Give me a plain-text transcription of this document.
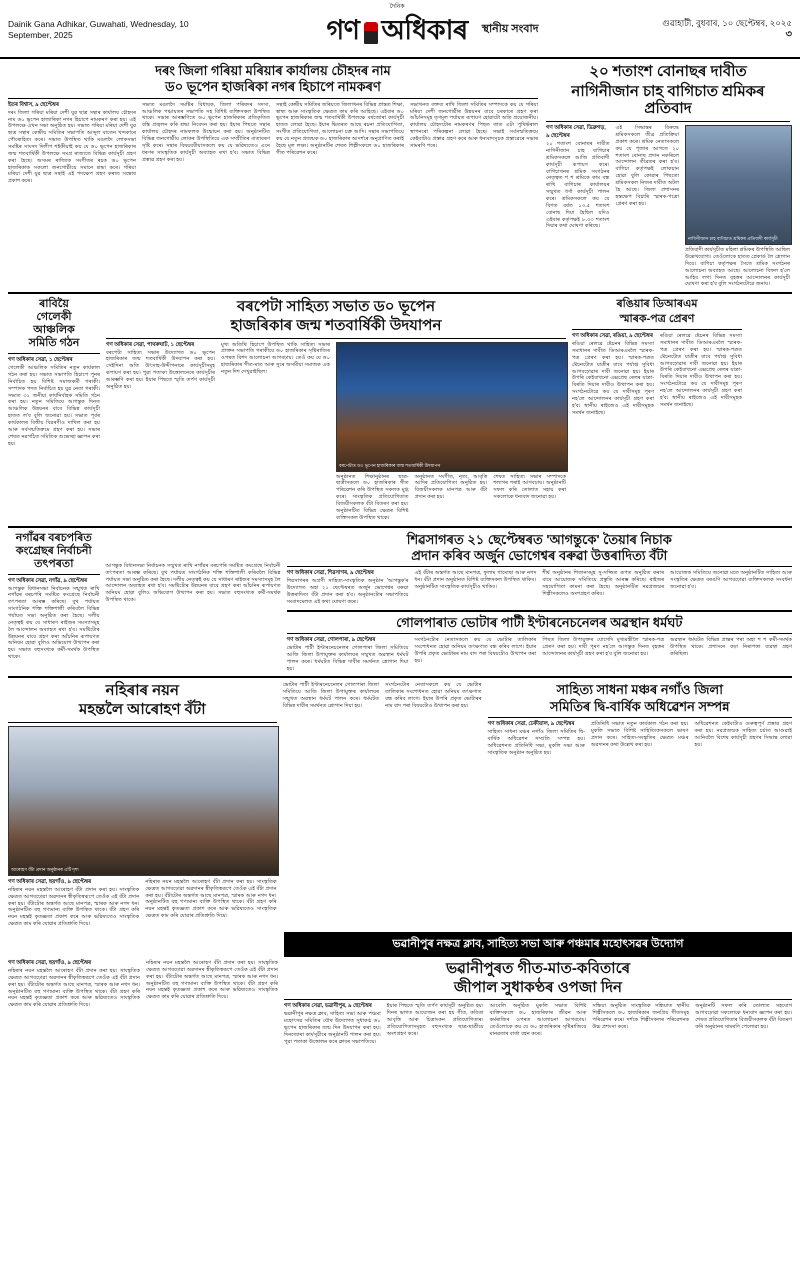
Dainik Gana Adhikar, Guwahati, Wednesday, 10 September, 2025
দৈনিক
গণ অধিকাৰ স্থানীয় সংবাদ
গুৱাহাটী, বুধবাৰ, ১০ ছেপ্টেম্বৰ, ২০২৫
৩
দৰং জিলা গৰিয়া মৰিয়াৰ কাৰ্যালয় চৌহদৰ নাম
ড০ ভূপেন হাজৰিকা নগৰ হিচাপে নামকৰণ
ইতৰ বিশ্বাস, ৯ ছেপ্টেম্বৰ
দৰং জিলা গৰিয়া মৰিয়া দেশী যুৱ ছাত্ৰ সন্থাৰ কাৰ্যালয় চৌহদৰ নাম ড০ ভূপেন হাজাৰিকা নগৰ হিচাপে নামকৰণ কৰা হয়। এই উপলক্ষে এখন সভা অনুষ্ঠিত হয়। সভাত গৰিয়া মৰিয়া দেশী যুৱ ছাত্ৰ সন্থাৰ কেন্দ্ৰীয় সমিতিৰ সভাপতি আব্দুল বাতেন খন্দকাৰে পৌৰোহিত্য কৰে। সভাত উপস্থিত থাকি মঙলদৈ লোকসভা সমষ্টিৰ সাংসদ দিলীপ শইকীয়াই কয় যে ড০ ভূপেন হাজৰিকাৰ জন্ম শতবাৰ্ষিকী উপলক্ষে সমগ্ৰ ৰাজ্যতে বিভিন্ন কাৰ্যসূচী গ্ৰহণ কৰা হৈছে। অসমৰ ৰাজ্যিক সংগীতৰ ৰচক ড০ ভূপেন হাজৰিকাক সকলো জনগোষ্ঠীয়ে সমানে শ্ৰদ্ধা কৰে। গৰিয়া মৰিয়া দেশী যুৱ ছাত্ৰ সন্থাই এই পদক্ষেপ গ্ৰহণ কৰাত সন্তোষ প্ৰকাশ কৰে।
সভাত মঙলদৈ সমষ্টিৰ বিধায়ক, জিলা পৰিষদৰ সদস্য, আঞ্চলিক পঞ্চায়তৰ সভাপতি সহ বিশিষ্ট ব্যক্তিসকল উপস্থিত থাকে। সভাৰ আৰম্ভণিতে ড০ ভূপেন হাজৰিকাৰ প্ৰতিকৃতিত বন্তি প্ৰজ্বলন কৰি শ্ৰদ্ধা নিবেদন কৰা হয়। ইয়াৰ পিছতে সন্থাৰ কাৰ্যালয় চৌহদৰ নামফলক উন্মোচন কৰা হয়। অনুষ্ঠানটিত বিভিন্ন জনগোষ্ঠীয় লোকৰ উপস্থিতিয়ে এক সম্প্ৰীতিৰ বাতাবৰণ সৃষ্টি কৰে। সন্থাৰ বিষয়ববীয়াসকলে কয় যে ভৱিষ্যতেও এনে ধৰণৰ সাংস্কৃতিক কাৰ্যসূচী অব্যাহত ৰখা হ'ব। সভাত বিভিন্ন প্ৰস্তাৱ গ্ৰহণ কৰা হয়।
সন্থাই কেন্দ্ৰীয় সমিতিৰ জৰিয়তে জিলাখনৰ বিভিন্ন প্ৰান্তত শিক্ষা, স্বাস্থ্য আৰু সাংস্কৃতিক ক্ষেত্ৰত কাম কৰি আহিছে। এইবাৰ ড০ ভূপেন হাজৰিকাৰ জন্ম শতবাৰ্ষিকী উপলক্ষে বৰ্ষজোৰা কাৰ্যসূচী হাতত লোৱা হৈছে। ইয়াৰ ভিতৰত আছে ৰচনা প্ৰতিযোগিতা, সংগীত প্ৰতিযোগিতা, আলোচনা চক্ৰ আদি। সন্থাৰ সভাপতিয়ে কয় যে নতুন প্ৰজন্মক ড০ হাজৰিকাৰ আদৰ্শৰে অনুপ্ৰাণিত কৰাই হৈছে মূল লক্ষ্য। অনুষ্ঠানটিৰ শেষত শিল্পীসকলে ড০ হাজৰিকাৰ গীত পৰিৱেশন কৰে।
সভাখনত বক্তব্য ৰাখি জিলা সমিতিৰ সম্পাদকে কয় যে গৰিয়া মৰিয়া দেশী জনগোষ্ঠীৰ উন্নয়নৰ বাবে চৰকাৰে গ্ৰহণ কৰা আঁচনিসমূহ তৃণমূল পৰ্যায়ত ৰূপায়ণ হোৱাটো অতি প্ৰয়োজনীয়। কাৰ্যালয় চৌহদটোৰ নামকৰণৰ পিছত তাত এটা পুথিভঁৰাল স্থাপনৰো পৰিকল্পনা লোৱা হৈছে। সভাই সৰ্বসন্মতিক্ৰমে কেইবাটাও প্ৰস্তাৱ গ্ৰহণ কৰে আৰু ধন্যবাদসূচক প্ৰস্তাৱেৰে সভাৰ সামৰণি পৰে।
২০ শতাংশ বোনাছৰ দাবীত
নাগিনীজান চাহ বাগিচাত শ্ৰমিকৰ প্ৰতিবাদ
গণ অধিকাৰ সেৱা, ডিব্ৰুগড়, ৯ ছেপ্টেম্বৰ
২০ শতাংশ বোনাছৰ দাবীত নাগিনীজান চাহ বাগিচাৰ শ্ৰমিকসকলে আজি প্ৰতিবাদী কাৰ্যসূচী ৰূপায়ণ কৰে। বাগিচাখনৰ শ্ৰমিক সংগঠনৰ নেতৃত্বত শ শ শ্ৰমিকে কাম বন্ধ ৰাখি বাগিচাৰ কাৰ্যালয়ৰ সন্মুখত ধৰ্ণা কাৰ্যসূচী পালন কৰে। শ্ৰমিকসকলে কয় যে বিগত বৰ্ষত ১৩.৫ শতাংশ বোনাছ দিয়া হৈছিল যদিও এইবাৰ কৰ্তৃপক্ষই ৮.৩৩ শতাংশ দিয়াৰ কথা ঘোষণা কৰিছে।
এই সিদ্ধান্তৰ বিৰুদ্ধে শ্ৰমিকসকলে তীব্ৰ প্ৰতিক্ৰিয়া প্ৰকাশ কৰে। শ্ৰমিক নেতাসকলে কয় যে পূজাৰ আগতে ২০ শতাংশ বোনাছ প্ৰদান নকৰিলে আন্দোলন তীব্ৰতৰ কৰা হ'ব। বাগিচা কৰ্তৃপক্ষই লোকচান হোৱা বুলি কোৱাৰ পিছতো শ্ৰমিকসকল নিজৰ দাবীত অটল হৈ আছে। জিলা প্ৰশাসনৰ হস্তক্ষেপ বিচাৰি স্মাৰক-পত্ৰো প্ৰেৰণ কৰা হয়।
নাগিনীজান চাহ বাগিচাত শ্ৰমিকৰ প্ৰতিবাদী কাৰ্যসূচী
প্ৰতিবাদী কাৰ্যসূচীত মহিলা শ্ৰমিকৰ উপস্থিতি আছিল উল্লেখযোগ্য। তেওঁলোকে হাতত প্লেকাৰ্ড লৈ শ্লোগান দিয়ে। বাগিচা কৰ্তৃপক্ষৰ সৈতে শ্ৰমিক সংগঠনৰ আলোচনা অব্যাহত আছে। আলোচনা বিফল হ'লে আহিব লগা দিনত বৃহত্তৰ আন্দোলনৰ কাৰ্যসূচী ঘোষণা কৰা হ'ব বুলি সংগঠনটোৱে জনায়।
ৰাবিয়ৈ
গেলেকী
আঞ্চলিক
সমিতি গঠন
গণ অধিকাৰ সেৱা, ১ ছেপ্টেম্বৰ
গেলেকী আঞ্চলিক সমিতিৰ নতুন কাৰ্যকাল গঠন কৰা হয়। সভাত সভাপতি হিচাপে পুনৰ নিৰ্বাচিত হয় বিশিষ্ট সমাজকৰ্মী গৰাকী। সম্পাদক পদত নিৰ্বাচিত হয় যুৱ নেতা গৰাকী। সভাত ৩১ জনীয়া কাৰ্যনিৰ্বাহক সমিতি গঠন কৰা হয়। নতুন সমিতিয়ে আগন্তুক দিনত আঞ্চলিক উন্নয়নৰ বাবে বিভিন্ন কাৰ্যসূচী হাতত ল'ব বুলি জনোৱা হয়। সভাত পূৰ্বৰ কাৰ্যকালৰ বিত্তীয় বিৱৰণীও দাখিল কৰা হয় আৰু সৰ্বসন্মতিক্ৰমে গ্ৰহণ কৰা হয়। সভাৰ শেষত নৱগঠিত সমিতিক শুভেচ্ছা জ্ঞাপন কৰা হয়।
বৰপেটা সাহিত্য সভাত ড০ ভূপেন
হাজৰিকাৰ জন্ম শতবাৰ্ষিকী উদযাপন
গণ অধিকাৰ সেৱা, পাথৰুঘাট, ১ ছেপ্টেম্বৰ
বৰপেটা সাহিত্য সভাৰ উদ্যোগত ড০ ভূপেন হাজৰিকাৰ জন্ম শতবাৰ্ষিকী উদযাপন কৰা হয়। সেইদিনা অতি উৎসাহ-উদ্দীপনাৰে কাৰ্যসূচীসমূহ ৰূপায়ণ কৰা হয়। পুৱা পতাকা উত্তোলনেৰে কাৰ্যসূচীৰ আৰম্ভণি কৰা হয়। ইয়াৰ পিছতে স্মৃতি তৰ্পণ কাৰ্যসূচী অনুষ্ঠিত হয়।
মুখ্য অতিথি হিচাপে উপস্থিত থাকি সাহিত্য সভাৰ প্ৰাক্তন সভাপতি গৰাকীয়ে ড০ হাজৰিকাৰ সৃষ্টিৰাজিৰ ওপৰত বিশদ আলোচনা আগবঢ়ায়। তেওঁ কয় যে ড০ হাজৰিকাৰ গীত-মাত আৰু সুৰে অসমীয়া সমাজক এক নতুন দিশ দেখুৱাইছিল।
বৰপেটাত ড০ ভূপেন হাজৰিকাৰ জন্ম শতবাৰ্ষিকী উদযাপন
অনুষ্ঠানত শিক্ষানুষ্ঠানৰ ছাত্ৰ-ছাত্ৰীসকলে ড০ হাজৰিকাৰ গীত পৰিৱেশন কৰি উপস্থিত সকলক মুগ্ধ কৰে। সাংস্কৃতিক প্ৰতিযোগিতাত বিজয়ীসকলক বঁটা বিতৰণ কৰা হয়। অনুষ্ঠানটিত বিভিন্ন ক্ষেত্ৰৰ বিশিষ্ট ব্যক্তিসকল উপস্থিত থাকে।
অনুষ্ঠানত সংগীত, নৃত্য, আবৃত্তি আদিৰ প্ৰতিযোগিতা অনুষ্ঠিত হয়। বিজয়ীসকলক মানপত্ৰ আৰু বঁটা প্ৰদান কৰা হয়।
শেষত সাহিত্য সভাৰ সম্পাদকে শলাগৰ শৰাই আগবঢ়ায়। অনুষ্ঠানটি সফল কৰি তোলাত সহায় কৰা সকলোকে ধন্যবাদ জনোৱা হয়।
ৰঙিয়াৰ ডিআৰএম
স্মাৰক-পত্ৰ প্ৰেৰণ
গণ অধিকাৰ সেৱা, ৰঙিয়া, ৯ ছেপ্টেম্বৰ
ৰঙিয়া ৰেলৱে ষ্টেচনৰ বিভিন্ন সমস্যা সমাধানৰ দাবীত ডিআৰএমলৈ স্মাৰক-পত্ৰ প্ৰেৰণ কৰা হয়। স্মাৰক-পত্ৰত ষ্টেচনটোত যাত্ৰীৰ বাবে পৰ্যাপ্ত সুবিধা আগবঢ়োৱাৰ দাবী জনোৱা হয়। ইয়াৰ উপৰি কেইবাখনো এক্সপ্ৰেছ ৰেলৰ যাত্ৰা-বিৰতি দিয়াৰ দাবীও উত্থাপন কৰা হয়। সংগঠনটোৱে কয় যে দাবীসমূহ পূৰণ নহ'লে আন্দোলনৰ কাৰ্যসূচী গ্ৰহণ কৰা হ'ব। স্থানীয় ৰাইজেও এই দাবীসমূহক সমৰ্থন জনাইছে।
ৰঙিয়া ৰেলৱে ষ্টেচনৰ বিভিন্ন সমস্যা সমাধানৰ দাবীত ডিআৰএমলৈ স্মাৰক-পত্ৰ প্ৰেৰণ কৰা হয়। স্মাৰক-পত্ৰত ষ্টেচনটোত যাত্ৰীৰ বাবে পৰ্যাপ্ত সুবিধা আগবঢ়োৱাৰ দাবী জনোৱা হয়। ইয়াৰ উপৰি কেইবাখনো এক্সপ্ৰেছ ৰেলৰ যাত্ৰা-বিৰতি দিয়াৰ দাবীও উত্থাপন কৰা হয়। সংগঠনটোৱে কয় যে দাবীসমূহ পূৰণ নহ'লে আন্দোলনৰ কাৰ্যসূচী গ্ৰহণ কৰা হ'ব। স্থানীয় ৰাইজেও এই দাবীসমূহক সমৰ্থন জনাইছে।
নগাঁৱৰ বৰচপৰিত
কংগ্ৰেছৰ নিৰ্বাচনী তৎপৰতা
গণ অধিকাৰ সেৱা, নগাঁৱ, ৯ ছেপ্টেম্বৰ
আগন্তুক বিধানসভা নিৰ্বাচনক সন্মুখত ৰাখি নগাঁৱৰ বৰচপৰি সমষ্টিত কংগ্ৰেছে নিৰ্বাচনী তৎপৰতা আৰম্ভ কৰিছে। বুথ পৰ্যায়ত সাংগঠনিক শক্তি শক্তিশালী কৰিবলৈ বিভিন্ন পৰ্যায়ত সভা অনুষ্ঠিত কৰা হৈছে। দলীয় নেতৃত্বই কয় যে সাধাৰণ ৰাইজৰ সমস্যাসমূহ লৈ আন্দোলন অব্যাহত ৰখা হ'ব। সমষ্টিটোৰ উন্নয়নৰ বাবে গ্ৰহণ কৰা আঁচনিৰ ৰূপায়ণত অনিয়ম হোৱা বুলিও অভিযোগ উত্থাপন কৰা হয়। সভাত বহুসংখ্যক কৰ্মী-সমৰ্থক উপস্থিত থাকে।
আগন্তুক বিধানসভা নিৰ্বাচনক সন্মুখত ৰাখি নগাঁৱৰ বৰচপৰি সমষ্টিত কংগ্ৰেছে নিৰ্বাচনী তৎপৰতা আৰম্ভ কৰিছে। বুথ পৰ্যায়ত সাংগঠনিক শক্তি শক্তিশালী কৰিবলৈ বিভিন্ন পৰ্যায়ত সভা অনুষ্ঠিত কৰা হৈছে। দলীয় নেতৃত্বই কয় যে সাধাৰণ ৰাইজৰ সমস্যাসমূহ লৈ আন্দোলন অব্যাহত ৰখা হ'ব। সমষ্টিটোৰ উন্নয়নৰ বাবে গ্ৰহণ কৰা আঁচনিৰ ৰূপায়ণত অনিয়ম হোৱা বুলিও অভিযোগ উত্থাপন কৰা হয়। সভাত বহুসংখ্যক কৰ্মী-সমৰ্থক উপস্থিত থাকে।
শিৱসাগৰত ২১ ছেপ্টেম্বৰত 'আগন্তুকে' তৈয়াৰ নিচাক
প্ৰদান কৰিব অৰ্জুন ভোগেশ্বৰ বৰুৱা উত্তৰাদিত্য বঁটা
গণ অধিকাৰ সেৱা, শিৱসাগৰ, ৯ ছেপ্টেম্বৰ
শিৱসাগৰৰ অগ্ৰণী সাহিত্য-সাংস্কৃতিক অনুষ্ঠান 'আগন্তুক'ৰ উদ্যোগত অহা ২১ ছেপ্টেম্বৰত অৰ্জুন ভোগেশ্বৰ বৰুৱা উত্তৰাদিত্য বঁটা প্ৰদান কৰা হ'ব। অনুষ্ঠানটোৰ সভাপতিয়ে সংবাদমেলত এই কথা ঘোষণা কৰে।
এই বঁটাৰ অন্তৰ্গত আছে মানপত্ৰ, ফুলাম গামোছা আৰু নগদ ধন। বঁটা প্ৰদান অনুষ্ঠানত বিশিষ্ট ব্যক্তিসকল উপস্থিত থাকিব। অনুষ্ঠানটিত সাংস্কৃতিক কাৰ্যসূচীও থাকিব।
শীৰ্ষ অনুষ্ঠানৰ শিতানসমূহ সু-সজ্জিত ৰূপত অনুষ্ঠিত কৰাৰ বাবে আয়োজক সমিতিয়ে প্ৰস্তুতি আৰম্ভ কৰিছে। ৰাইজৰ সহযোগিতা কামনা কৰা হৈছে। অনুষ্ঠানটিত নৱপ্ৰজন্মৰ শিল্পীসকলেও অংশগ্ৰহণ কৰিব।
আয়োজক সমিতিয়ে জনোৱা মতে অনুষ্ঠানটিত সাহিত্য আৰু সংস্কৃতিৰ ক্ষেত্ৰত বৰঙণি আগবঢ়োৱা ব্যক্তিসকলক সংবৰ্ধনা জনোৱা হ'ব।
গোলপাৰাত ভোটাৰ পাটী ইণ্টাৰনেচনেলৰ অৱস্থান ধৰ্মঘট
গণ অধিকাৰ সেৱা, গোলপাৰা, ৯ ছেপ্টেম্বৰ
ভোটাৰ পাটী ইণ্টাৰনেচনেলৰ গোলপাৰা জিলা সমিতিয়ে আজি জিলা উপায়ুক্তৰ কাৰ্যালয়ৰ সন্মুখত অৱস্থান ধৰ্মঘট পালন কৰে। ধৰ্মঘটত বিভিন্ন দাবীৰ সমৰ্থনত শ্লোগান দিয়া হয়।
সংগঠনটোৰ নেতাসকলে কয় যে ভোটাৰ তালিকাৰ সংশোধনত হোৱা অনিয়ম তৎক্ষণাত বন্ধ কৰিব লাগে। ইয়াৰ উপৰি প্ৰকৃত ভোটাৰৰ নাম বাদ পৰা বিষয়টোও উত্থাপন কৰা হয়।
পিছত জিলা উপায়ুক্তৰ যোগেদি মুখ্যমন্ত্ৰীলৈ স্মাৰক-পত্ৰ প্ৰেৰণ কৰা হয়। দাবী পূৰণ নহ'লে আগন্তুক দিনত বৃহত্তৰ আন্দোলনৰ কাৰ্যসূচী গ্ৰহণ কৰা হ'ব বুলি জনোৱা হয়।
অৱস্থান ধৰ্মঘটত বিভিন্ন প্ৰান্তৰ পৰা অহা শ শ কৰ্মী-সমৰ্থক উপস্থিত থাকে। প্ৰশাসনে কঢ়া নিৰাপত্তা ব্যৱস্থা গ্ৰহণ কৰিছিল।
নহিৰাৰ নয়ন
মহন্তলৈ আৰোহণ বঁটা
আৰোহণ বঁটা প্ৰদান অনুষ্ঠানৰ এটি দৃশ্য
গণ অধিকাৰ সেৱা, ছয়গাঁও, ৯ ছেপ্টেম্বৰ
নহিৰাৰ নয়ন মহন্তলৈ আৰোহণ বঁটা প্ৰদান কৰা হয়। সাংস্কৃতিক ক্ষেত্ৰত আগবঢ়োৱা অৱদানৰ স্বীকৃতিস্বৰূপে তেওঁক এই বঁটা প্ৰদান কৰা হয়। বঁটাটোৰ অন্তৰ্গত আছে মানপত্ৰ, স্মাৰক আৰু নগদ ধন। অনুষ্ঠানটিত বহু গণ্যমান্য ব্যক্তি উপস্থিত থাকে। বঁটা গ্ৰহণ কৰি নয়ন মহন্তই কৃতজ্ঞতা প্ৰকাশ কৰে আৰু ভৱিষ্যতেও সাংস্কৃতিক ক্ষেত্ৰত কাম কৰি যোৱাৰ প্ৰতিশ্ৰুতি দিয়ে।
নহিৰাৰ নয়ন মহন্তলৈ আৰোহণ বঁটা প্ৰদান কৰা হয়। সাংস্কৃতিক ক্ষেত্ৰত আগবঢ়োৱা অৱদানৰ স্বীকৃতিস্বৰূপে তেওঁক এই বঁটা প্ৰদান কৰা হয়। বঁটাটোৰ অন্তৰ্গত আছে মানপত্ৰ, স্মাৰক আৰু নগদ ধন। অনুষ্ঠানটিত বহু গণ্যমান্য ব্যক্তি উপস্থিত থাকে। বঁটা গ্ৰহণ কৰি নয়ন মহন্তই কৃতজ্ঞতা প্ৰকাশ কৰে আৰু ভৱিষ্যতেও সাংস্কৃতিক ক্ষেত্ৰত কাম কৰি যোৱাৰ প্ৰতিশ্ৰুতি দিয়ে।
ভোটাৰ পাটী ইণ্টাৰনেচনেলৰ গোলপাৰা জিলা সমিতিয়ে আজি জিলা উপায়ুক্তৰ কাৰ্যালয়ৰ সন্মুখত অৱস্থান ধৰ্মঘট পালন কৰে। ধৰ্মঘটত বিভিন্ন দাবীৰ সমৰ্থনত শ্লোগান দিয়া হয়।
সংগঠনটোৰ নেতাসকলে কয় যে ভোটাৰ তালিকাৰ সংশোধনত হোৱা অনিয়ম তৎক্ষণাত বন্ধ কৰিব লাগে। ইয়াৰ উপৰি প্ৰকৃত ভোটাৰৰ নাম বাদ পৰা বিষয়টোও উত্থাপন কৰা হয়।
সাহিত্য সাধনা মঞ্চৰ নগাঁও জিলা
সমিতিৰ দ্বি-বাৰ্ষিক অধিৱেশন সম্পন্ন
গণ অধিকাৰ সেৱা, ঢেকীয়াল, ৯ ছেপ্টেম্বৰ
সাহিত্য সাধনা মঞ্চৰ নগাঁও জিলা সমিতিৰ দ্বি-বাৰ্ষিক অধিৱেশন সম্প্ৰতি সম্পন্ন হয়। অধিৱেশনত প্ৰতিনিধি সভা, মুকলি সভা আৰু সাংস্কৃতিক অনুষ্ঠান অনুষ্ঠিত হয়।
প্ৰতিনিধি সভাত নতুন কাৰ্যকাল গঠন কৰা হয়। মুকলি সভাত বিশিষ্ট সাহিত্যিকসকলে ভাষণ প্ৰদান কৰে। সাহিত্য-সংস্কৃতিৰ ক্ষেত্ৰত মঞ্চৰ অৱদানৰ কথা উল্লেখ কৰা হয়।
অধিৱেশনত কেইবাটাও গুৰুত্বপূৰ্ণ প্ৰস্তাৱ গ্ৰহণ কৰা হয়। নৱপ্ৰজন্মক সাহিত্য চৰ্চাত আগুৱাই আনিবলৈ বিশেষ কাৰ্যসূচী গ্ৰহণৰ সিদ্ধান্ত লোৱা হয়।
ভৱানীপুৰ নক্ষত্ৰ ক্লাব, সাহিত্য সভা আৰু পঞ্চমাৰ মহোৎসৱৰ উদ্যোগ
গণ অধিকাৰ সেৱা, ছয়গাঁও, ৯ ছেপ্টেম্বৰ
নহিৰাৰ নয়ন মহন্তলৈ আৰোহণ বঁটা প্ৰদান কৰা হয়। সাংস্কৃতিক ক্ষেত্ৰত আগবঢ়োৱা অৱদানৰ স্বীকৃতিস্বৰূপে তেওঁক এই বঁটা প্ৰদান কৰা হয়। বঁটাটোৰ অন্তৰ্গত আছে মানপত্ৰ, স্মাৰক আৰু নগদ ধন। অনুষ্ঠানটিত বহু গণ্যমান্য ব্যক্তি উপস্থিত থাকে। বঁটা গ্ৰহণ কৰি নয়ন মহন্তই কৃতজ্ঞতা প্ৰকাশ কৰে আৰু ভৱিষ্যতেও সাংস্কৃতিক ক্ষেত্ৰত কাম কৰি যোৱাৰ প্ৰতিশ্ৰুতি দিয়ে।
নহিৰাৰ নয়ন মহন্তলৈ আৰোহণ বঁটা প্ৰদান কৰা হয়। সাংস্কৃতিক ক্ষেত্ৰত আগবঢ়োৱা অৱদানৰ স্বীকৃতিস্বৰূপে তেওঁক এই বঁটা প্ৰদান কৰা হয়। বঁটাটোৰ অন্তৰ্গত আছে মানপত্ৰ, স্মাৰক আৰু নগদ ধন। অনুষ্ঠানটিত বহু গণ্যমান্য ব্যক্তি উপস্থিত থাকে। বঁটা গ্ৰহণ কৰি নয়ন মহন্তই কৃতজ্ঞতা প্ৰকাশ কৰে আৰু ভৱিষ্যতেও সাংস্কৃতিক ক্ষেত্ৰত কাম কৰি যোৱাৰ প্ৰতিশ্ৰুতি দিয়ে।
ভৱানীপুৰত গীত-মাত-কবিতাৰে
জীপাল সুধাকণ্ঠৰ ওপজা দিন
গণ অধিকাৰ সেৱা, ভৱানীপুৰ, ৯ ছেপ্টেম্বৰ
ভৱানীপুৰ নক্ষত্ৰ ক্লাব, সাহিত্য সভা আৰু পঞ্চমা মহোৎসৱ সমিতিৰ যৌথ উদ্যোগত সুধাকণ্ঠ ড০ ভূপেন হাজৰিকাৰ জন্ম দিন উদযাপন কৰা হয়। দিনজোৰা কাৰ্যসূচীৰে অনুষ্ঠানটি পালন কৰা হয়। পুৱা পতাকা উত্তোলন কৰে ক্লাবৰ সভাপতিয়ে।
ইয়াৰ পিছতে স্মৃতি তৰ্পণ কাৰ্যসূচী অনুষ্ঠিত হয়। দিনৰ ভাগত আয়োজন কৰা হয় গীত, কবিতা আবৃত্তি আৰু চিত্ৰাংকন প্ৰতিযোগিতাৰ। প্ৰতিযোগিতাসমূহত বহুসংখ্যক ছাত্ৰ-ছাত্ৰীয়ে অংশগ্ৰহণ কৰে।
আবেলি অনুষ্ঠিত মুকলি সভাত বিশিষ্ট ব্যক্তিসকলে ড০ হাজৰিকাৰ জীৱন আৰু কৰ্মৰাজিৰ ওপৰত আলোচনা আগবঢ়ায়। তেওঁলোকে কয় যে ড০ হাজৰিকাৰ সৃষ্টিৰাজিয়ে মানৱতাৰ বাৰ্তা বহন কৰে।
সন্ধিয়া অনুষ্ঠিত সাংস্কৃতিক সন্ধিয়াত স্থানীয় শিল্পীসকলে ড০ হাজৰিকাৰ জনপ্ৰিয় গীতসমূহ পৰিৱেশন কৰে। দৰ্শকে শিল্পীসকলৰ পৰিৱেশনক উচ্চ প্ৰশংসা কৰে।
অনুষ্ঠানটি সফল কৰি তোলাত সহযোগ আগবঢ়োৱা সকলোকে ধন্যবাদ জ্ঞাপন কৰা হয়। শেষত প্ৰতিযোগিতাৰ বিজয়ীসকলক বঁটা বিতৰণ কৰি অনুষ্ঠানৰ সামৰণি পেলোৱা হয়।
